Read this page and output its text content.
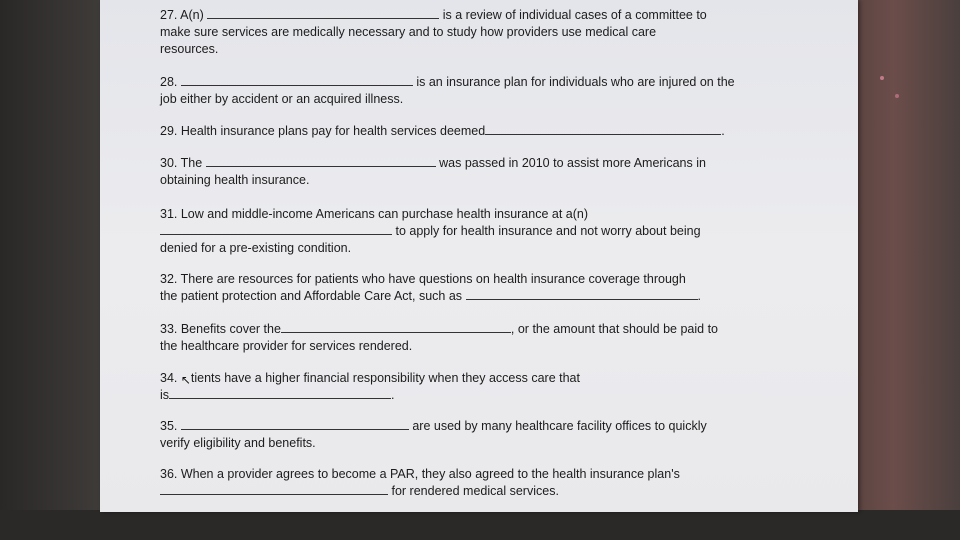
27. A(n)	is a review of individual cases of a committee to
make sure services are medically necessary and to study how providers use medical care
resources.
28.	is an insurance plan for individuals who are injured on the
job either by accident or an acquired illness.
29. Health insurance plans pay for health services deemed	.
30. The	was passed in 2010 to assist more Americans in
obtaining health insurance.
31. Low and middle-income Americans can purchase health insurance at a(n)
to apply for health insurance and not worry about being
denied for a pre-existing condition.
32. There are resources for patients who have questions on health insurance coverage through
the patient protection and Affordable Care Act, such as	.
33. Benefits cover the	, or the amount that should be paid to
the healthcare provider for services rendered.
34. ↖tients have a higher financial responsibility when they access care that
is	.
35.	are used by many healthcare facility offices to quickly
verify eligibility and benefits.
36. When a provider agrees to become a PAR, they also agreed to the health insurance plan's
for rendered medical services.
